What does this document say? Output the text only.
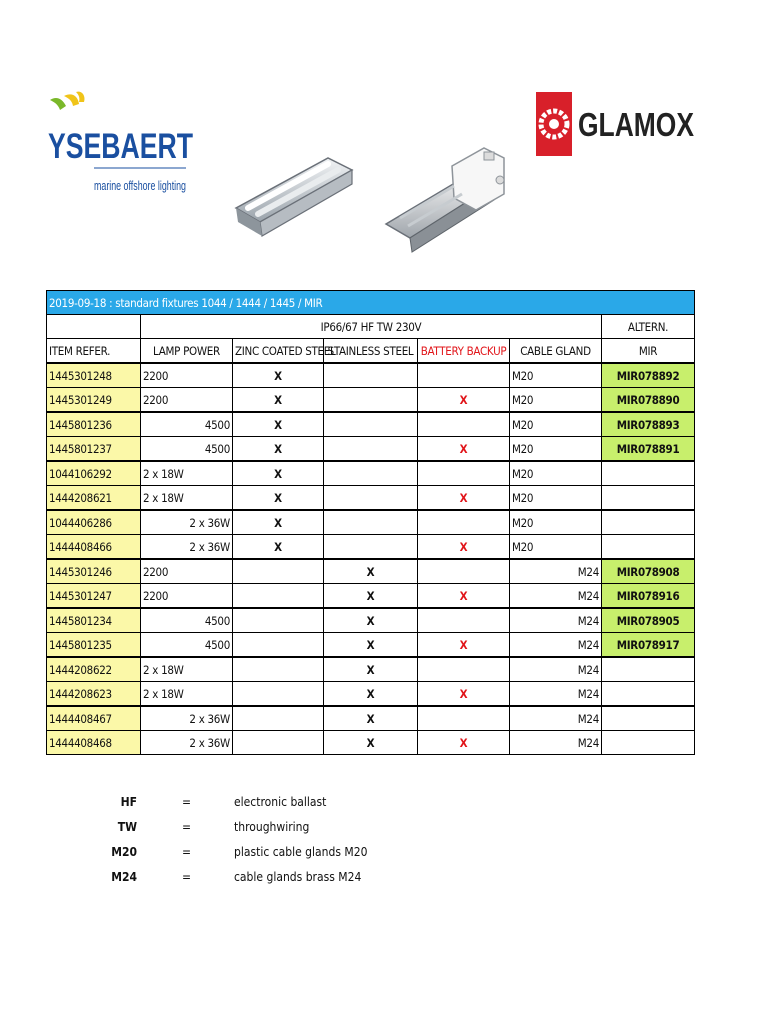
YSEBAERT
marine offshore lighting
GLAMOX
2019-09-18 : standard fixtures 1044 / 1444 / 1445 / MIR						
	IP66/67 HF TW 230V					ALTERN.
ITEM REFER.	LAMP POWER	ZINC COATED STEEL	STAINLESS STEEL	BATTERY BACKUP	CABLE GLAND	MIR
1445301248	2200	X			M20	MIR078892
1445301249	2200	X		X	M20	MIR078890
1445801236	4500	X			M20	MIR078893
1445801237	4500	X		X	M20	MIR078891
1044106292	2 x 18W	X			M20	
1444208621	2 x 18W	X		X	M20	
1044406286	2 x 36W	X			M20	
1444408466	2 x 36W	X		X	M20	
1445301246	2200		X		M24	MIR078908
1445301247	2200		X	X	M24	MIR078916
1445801234	4500		X		M24	MIR078905
1445801235	4500		X	X	M24	MIR078917
1444208622	2 x 18W		X		M24	
1444208623	2 x 18W		X	X	M24	
1444408467	2 x 36W		X		M24	
1444408468	2 x 36W		X	X	M24	
HF	=	electronic ballast
TW	=	throughwiring
M20	=	plastic cable glands M20
M24	=	cable glands brass M24
